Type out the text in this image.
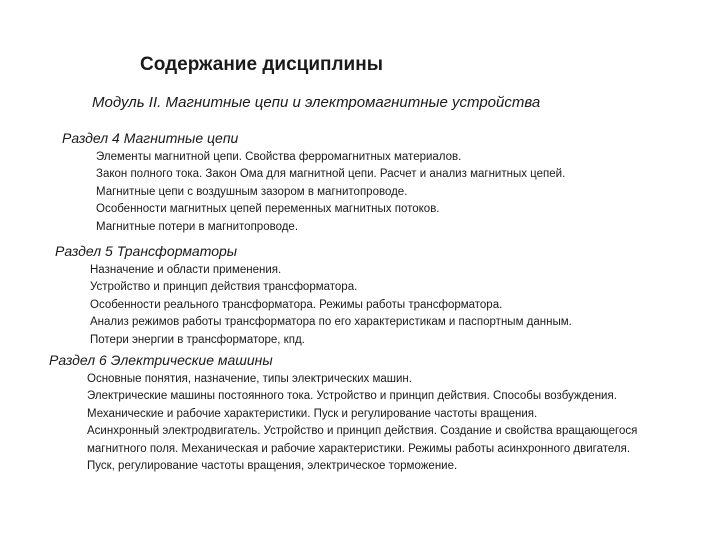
Содержание дисциплины
Модуль II. Магнитные цепи и электромагнитные устройства
Раздел 4 Магнитные цепи
Элементы магнитной цепи. Свойства ферромагнитных материалов.
Закон полного тока. Закон Ома для магнитной цепи. Расчет и анализ магнитных цепей.
Магнитные цепи с воздушным зазором в магнитопроводе.
Особенности магнитных цепей переменных магнитных потоков.
Магнитные потери в магнитопроводе.
Раздел 5 Трансформаторы
Назначение и области применения.
Устройство и принцип действия трансформатора.
Особенности реального трансформатора. Режимы работы трансформатора.
Анализ режимов работы трансформатора по его характеристикам и паспортным данным.
Потери энергии в трансформаторе, кпд.
Раздел 6 Электрические машины
Основные понятия, назначение, типы электрических машин.
Электрические машины постоянного тока. Устройство и принцип действия. Способы возбуждения.
Механические и рабочие характеристики. Пуск и регулирование частоты вращения.
Асинхронный электродвигатель. Устройство и принцип действия. Создание и свойства вращающегося
магнитного поля. Механическая и рабочие характеристики. Режимы работы асинхронного двигателя.
Пуск, регулирование частоты вращения, электрическое торможение.
